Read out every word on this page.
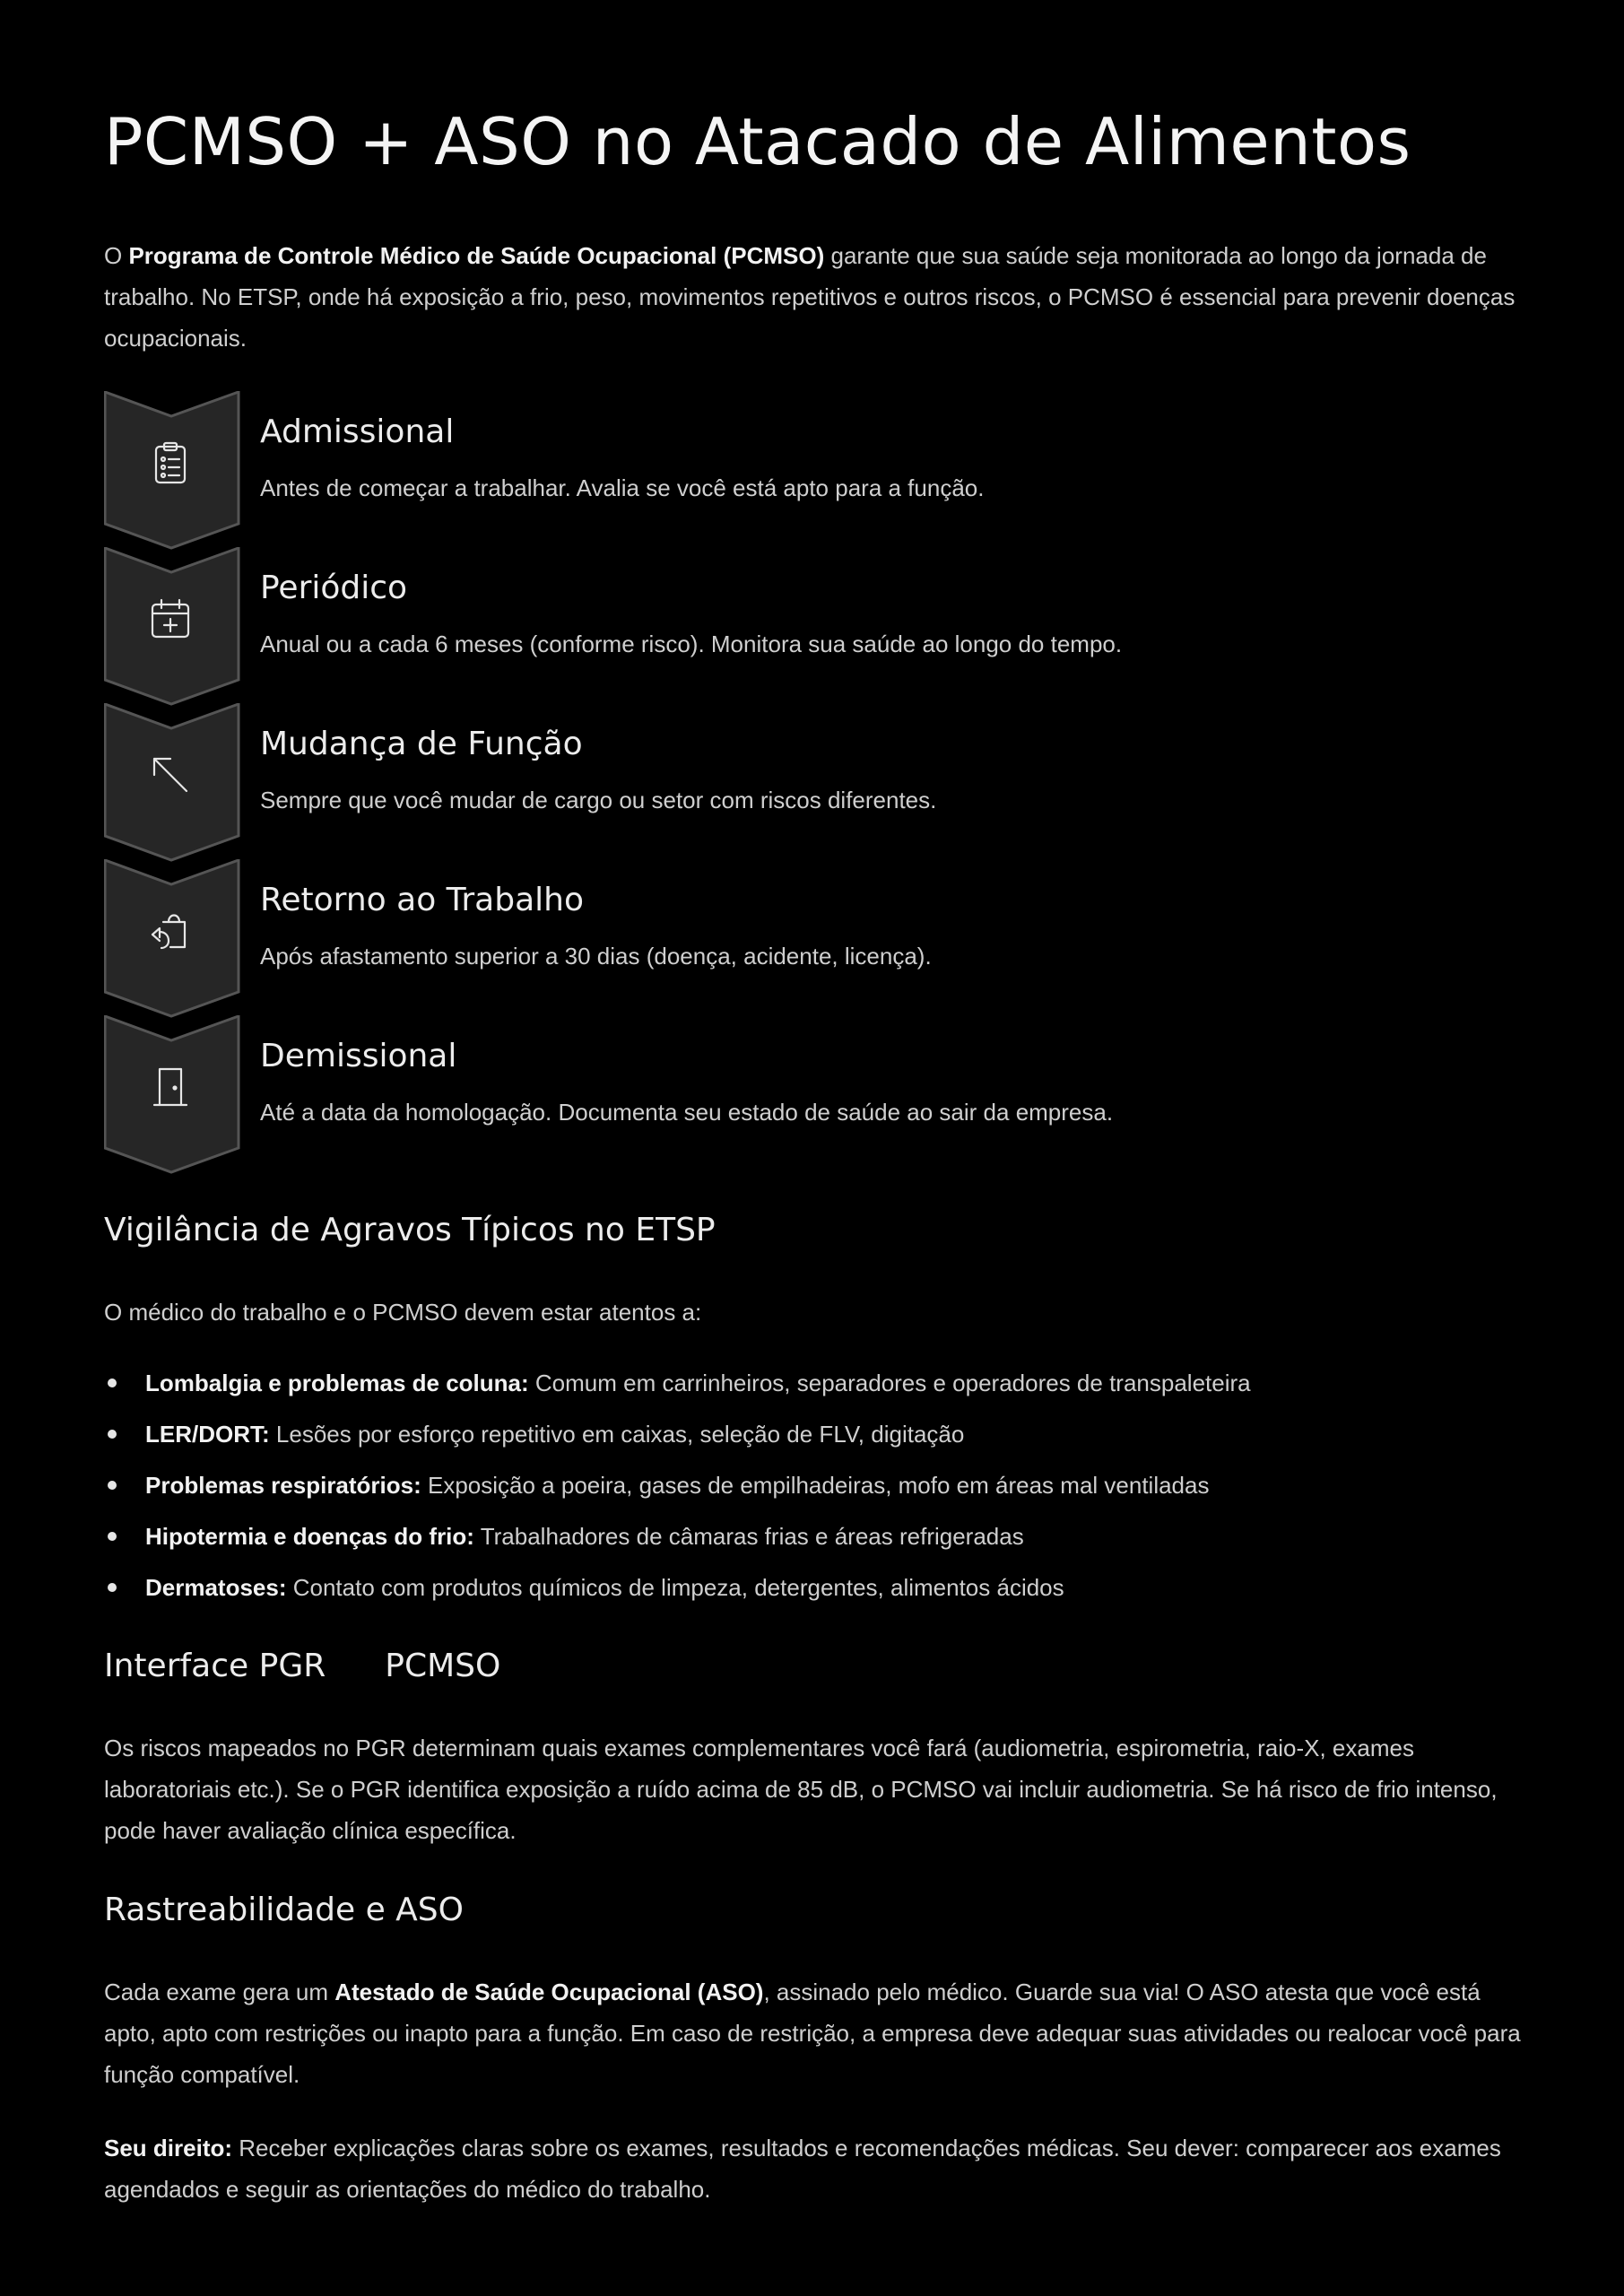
PCMSO + ASO no Atacado de Alimentos

O Programa de Controle Médico de Saúde Ocupacional (PCMSO) garante que sua saúde seja monitorada ao longo da jornada de trabalho. No ETSP, onde há exposição a frio, peso, movimentos repetitivos e outros riscos, o PCMSO é essencial para prevenir doenças ocupacionais.

Admissional

Antes de começar a trabalhar. Avalia se você está apto para a função.

Periódico

Anual ou a cada 6 meses (conforme risco). Monitora sua saúde ao longo do tempo.

Mudança de Função

Sempre que você mudar de cargo ou setor com riscos diferentes.

Retorno ao Trabalho

Após afastamento superior a 30 dias (doença, acidente, licença).

Demissional

Até a data da homologação. Documenta seu estado de saúde ao sair da empresa.

Vigilância de Agravos Típicos no ETSP

O médico do trabalho e o PCMSO devem estar atentos a:

Lombalgia e problemas de coluna: Comum em carrinheiros, separadores e operadores de transpaleteira
LER/DORT: Lesões por esforço repetitivo em caixas, seleção de FLV, digitação
Problemas respiratórios: Exposição a poeira, gases de empilhadeiras, mofo em áreas mal ventiladas
Hipotermia e doenças do frio: Trabalhadores de câmaras frias e áreas refrigeradas
Dermatoses: Contato com produtos químicos de limpeza, detergentes, alimentos ácidos
Interface PGR PCMSO

Os riscos mapeados no PGR determinam quais exames complementares você fará (audiometria, espirometria, raio-X, exames laboratoriais etc.). Se o PGR identifica exposição a ruído acima de 85 dB, o PCMSO vai incluir audiometria. Se há risco de frio intenso, pode haver avaliação clínica específica.

Rastreabilidade e ASO

Cada exame gera um Atestado de Saúde Ocupacional (ASO), assinado pelo médico. Guarde sua via! O ASO atesta que você está apto, apto com restrições ou inapto para a função. Em caso de restrição, a empresa deve adequar suas atividades ou realocar você para função compatível.

Seu direito: Receber explicações claras sobre os exames, resultados e recomendações médicas. Seu dever: comparecer aos exames agendados e seguir as orientações do médico do trabalho.
